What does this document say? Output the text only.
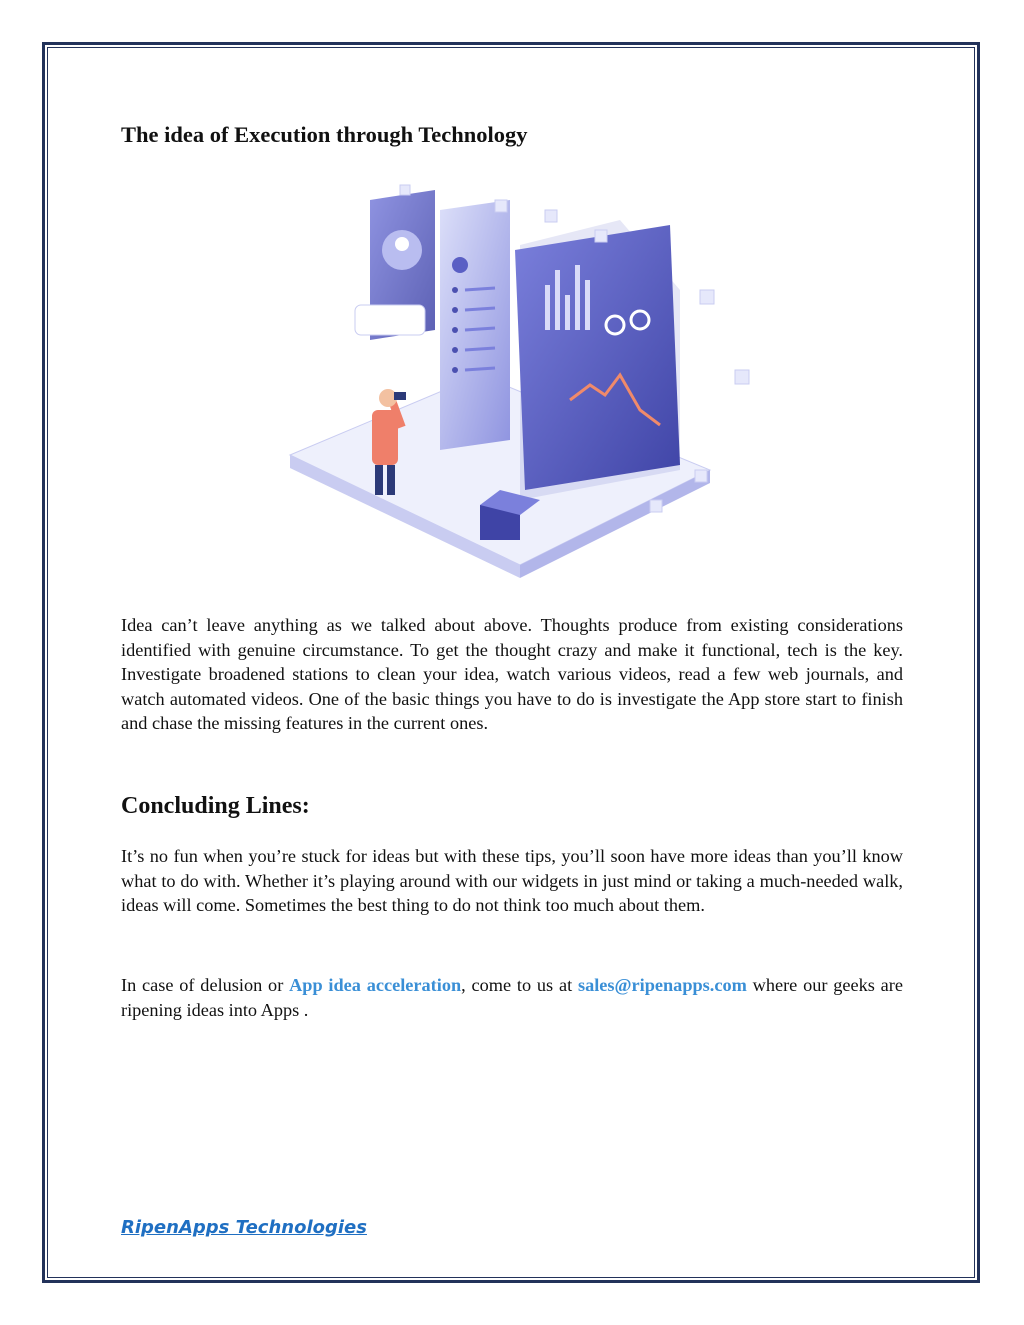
The idea of Execution through Technology

Idea can’t leave anything as we talked about above. Thoughts produce from existing considerations identified with genuine circumstance. To get the thought crazy and make it functional, tech is the key. Investigate broadened stations to clean your idea, watch various videos, read a few web journals, and watch automated videos. One of the basic things you have to do is investigate the App store start to finish and chase the missing features in the current ones.

Concluding Lines:

It’s no fun when you’re stuck for ideas but with these tips, you’ll soon have more ideas than you’ll know what to do with. Whether it’s playing around with our widgets in just mind or taking a much-needed walk, ideas will come. Sometimes the best thing to do not think too much about them.

In case of delusion or App idea acceleration, come to us at sales@ripenapps.com where our geeks are ripening ideas into Apps .

RipenApps Technologies
